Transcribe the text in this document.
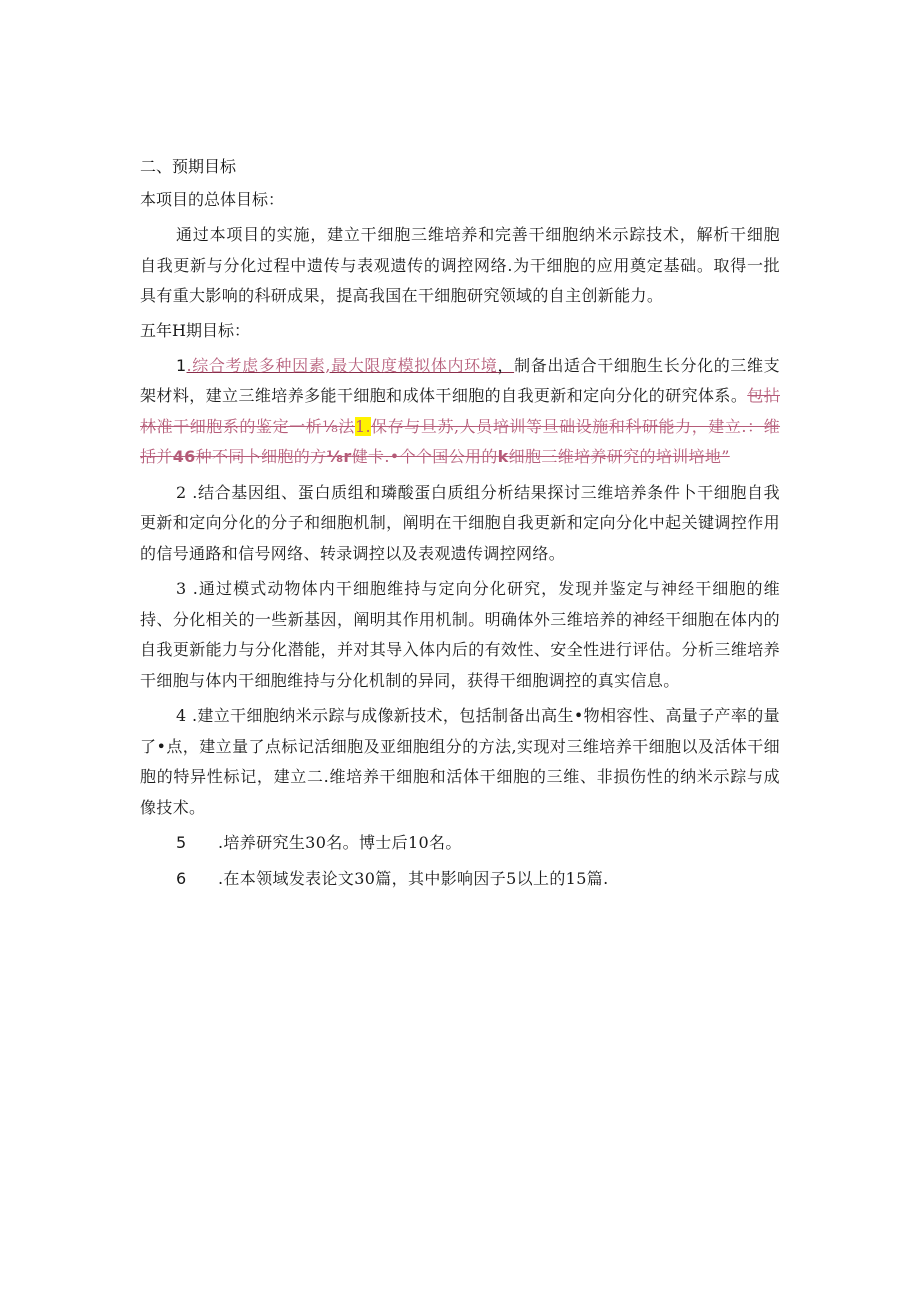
二、预期目标
本项目的总体目标：

通过本项目的实施，建立干细胞三维培养和完善干细胞纳米示踪技术，解析干细胞自我更新与分化过程中遗传与表观遗传的调控网络.为干细胞的应用奠定基础。取得一批具有重大影响的科研成果，提高我国在干细胞研究领域的自主创新能力。

五年H期目标：

1.综合考虑多种因素,最大限度模拟体内环境，制备出适合干细胞生长分化的三维支架材料，建立三维培养多能干细胞和成体干细胞的自我更新和定向分化的研究体系。包拈林准干细胞系的鉴定一析⅛法1.保存与旦苏,人员培训等旦础设施和科研能力，建立.：维括并46种不同卜细胞的方⅛r健卡.•个个国公用的k细胞三维培养研究的培训培地”

2 .结合基因组、蛋白质组和璘酸蛋白质组分析结果探讨三维培养条件卜干细胞自我更新和定向分化的分子和细胞机制，阐明在干细胞自我更新和定向分化中起关键调控作用的信号通路和信号网络、转录调控以及表观遗传调控网络。

3 .通过模式动物体内干细胞维持与定向分化研究，发现并鉴定与神经干细胞的维持、分化相关的一些新基因，阐明其作用机制。明确体外三维培养的神经干细胞在体内的自我更新能力与分化潜能，并对其导入体内后的有效性、安全性进行评估。分析三维培养干细胞与体内干细胞维持与分化机制的异同，获得干细胞调控的真实信息。

4 .建立干细胞纳米示踪与成像新技术，包括制备出高生•物相容性、高量子产率的量了•点，建立量了点标记活细胞及亚细胞组分的方法,实现对三维培养干细胞以及活体干细胞的特异性标记，建立二.维培养干细胞和活体干细胞的三维、非损伤性的纳米示踪与成像技术。

5 .培养研究生30名。博士后10名。

6 .在本领域发表论文30篇，其中影响因子5以上的15篇.
